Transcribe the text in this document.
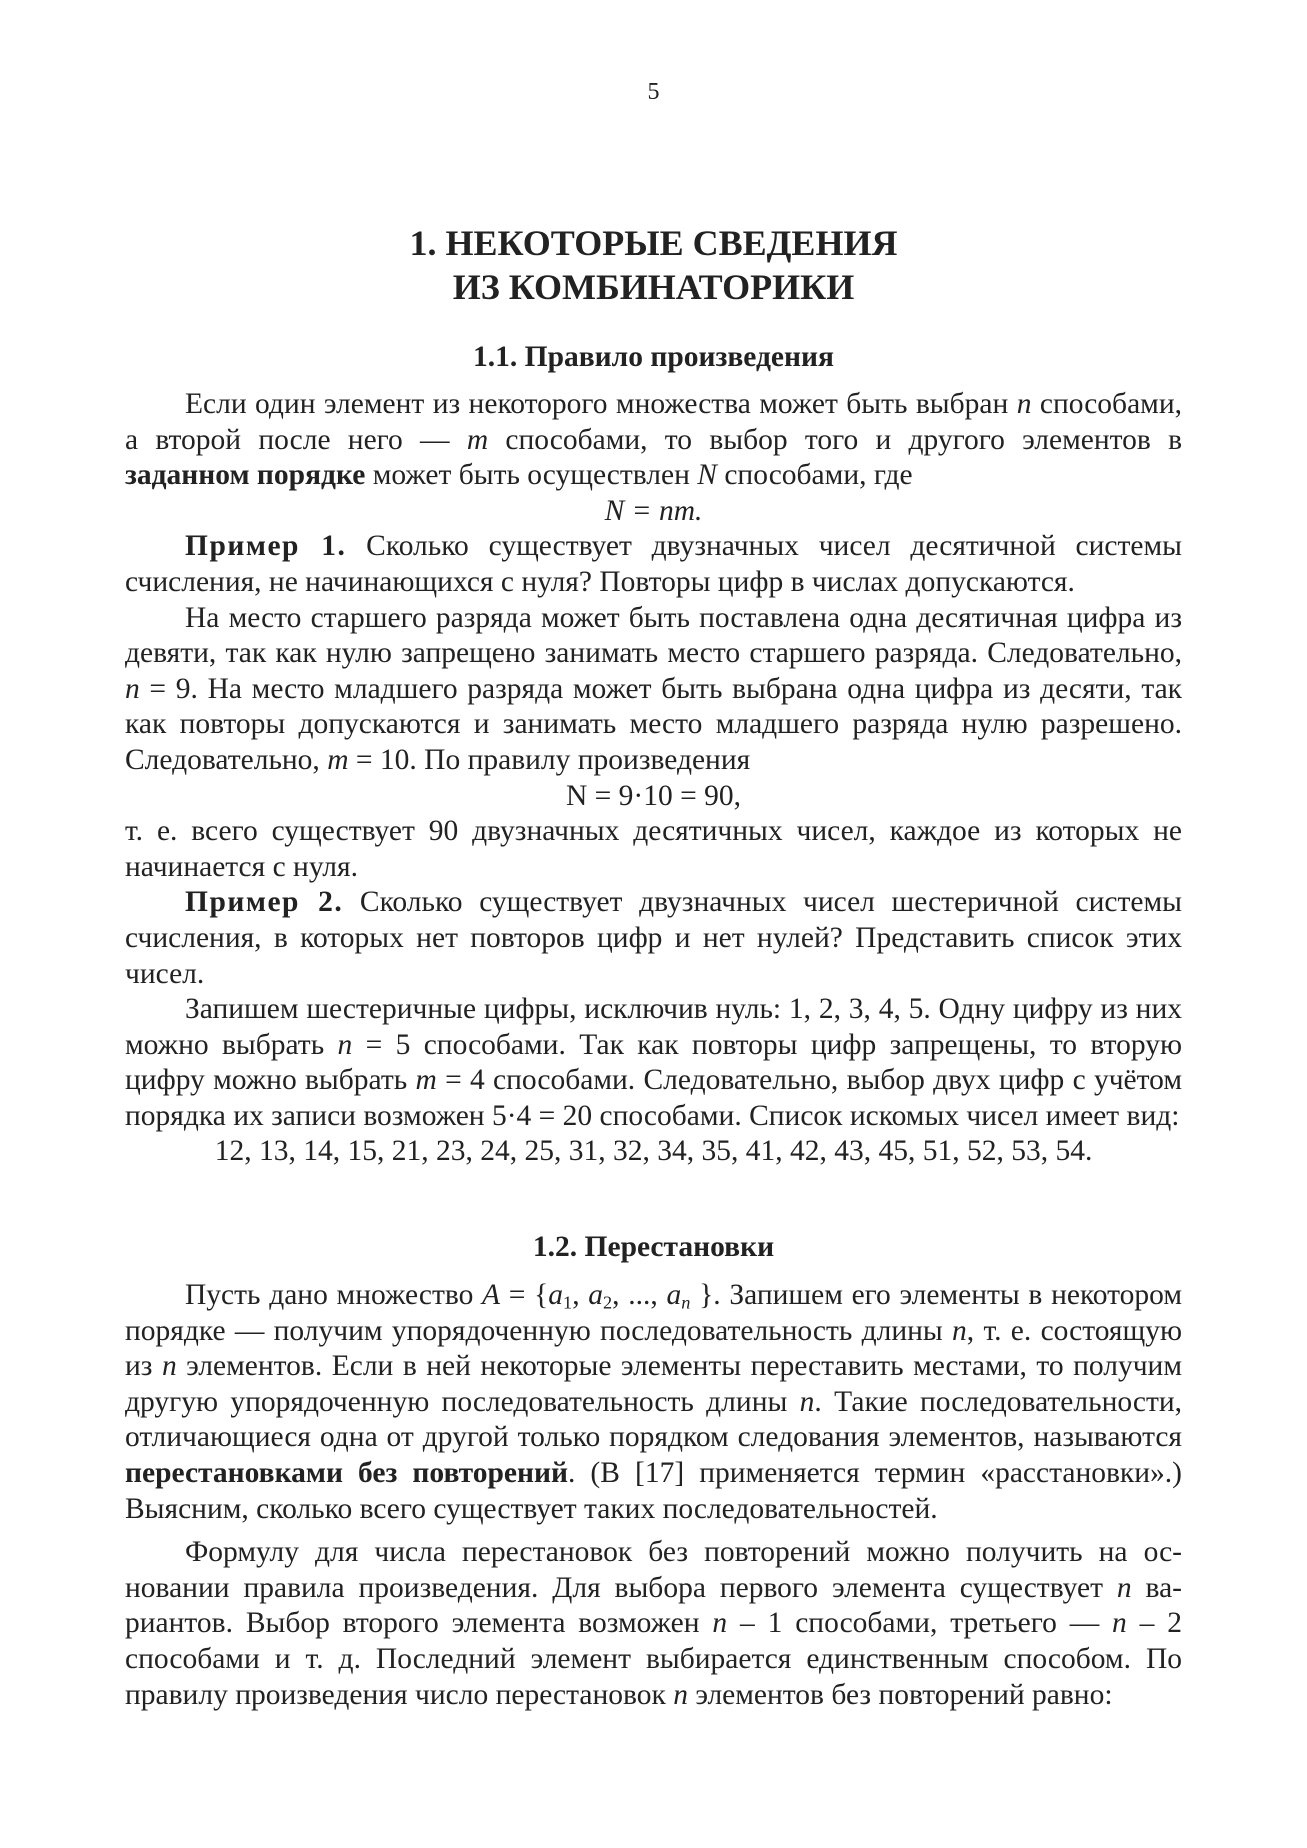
5
1. НЕКОТОРЫЕ СВЕДЕНИЯ
ИЗ КОМБИНАТОРИКИ
1.1. Правило произведения

Если один элемент из некоторого множества может быть выбран n способами, а второй после него — m способами, то выбор того и другого элементов в заданном порядке может быть осуществлен N способами, где

N = nm.

Пример 1. Сколько существует двузначных чисел десятичной системы счисления, не начинающихся с нуля? Повторы цифр в числах допускаются.

На место старшего разряда может быть поставлена одна десятичная цифра из девяти, так как нулю запрещено занимать место старшего разряда. Следовательно, n = 9. На место младшего разряда может быть выбрана одна цифра из десяти, так как повторы допускаются и занимать место младшего разряда нулю разрешено. Следовательно, m = 10. По правилу произведения

N = 9·10 = 90,

т. е. всего существует 90 двузначных десятичных чисел, каждое из которых не начинается с нуля.

Пример 2. Сколько существует двузначных чисел шестеричной системы счисления, в которых нет повторов цифр и нет нулей? Представить список этих чисел.

Запишем шестеричные цифры, исключив нуль: 1, 2, 3, 4, 5. Одну цифру из них можно выбрать n = 5 способами. Так как повторы цифр запрещены, то вторую цифру можно выбрать m = 4 способами. Следовательно, выбор двух цифр с учётом порядка их записи возможен 5·4 = 20 способами. Список искомых чисел имеет вид:

12, 13, 14, 15, 21, 23, 24, 25, 31, 32, 34, 35, 41, 42, 43, 45, 51, 52, 53, 54.

1.2. Перестановки

Пусть дано множество $A = \{a_1$, $a_2$, ..., $a_n$ }. Запишем его элементы в некотором порядке — получим упорядоченную последовательность длины n, т. е. состоящую из n элементов. Если в ней некоторые элементы переставить местами, то получим другую упорядоченную последовательность длины n. Такие последовательности, отличающиеся одна от другой только порядком следования элементов, называются перестановками без повторений. (В [17] применяется термин «расстановки».) Выясним, сколько всего существует таких последовательностей.

Формулу для числа перестановок без повторений можно получить на основании правила произведения. Для выбора первого элемента существует n вариантов. Выбор второго элемента возможен n – 1 способами, третьего — n – 2 способами и т. д. Последний элемент выбирается единственным способом. По правилу произведения число перестановок n элементов без повторений равно:
